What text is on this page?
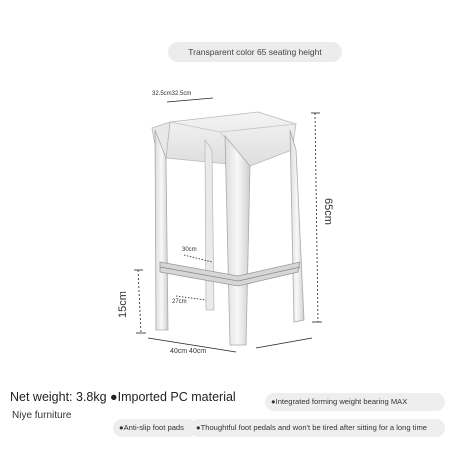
Transparent color 65 seating height
32.5cm32.5cm
65cm
15cm
30cm
27cm
40cm 40cm
Net weight: 3.8kg ●Imported PC material
Niye furniture
●Integrated forming weight bearing MAX
●Anti-slip foot pads	●Thoughtful foot pedals and won't be tired after sitting for a long time
